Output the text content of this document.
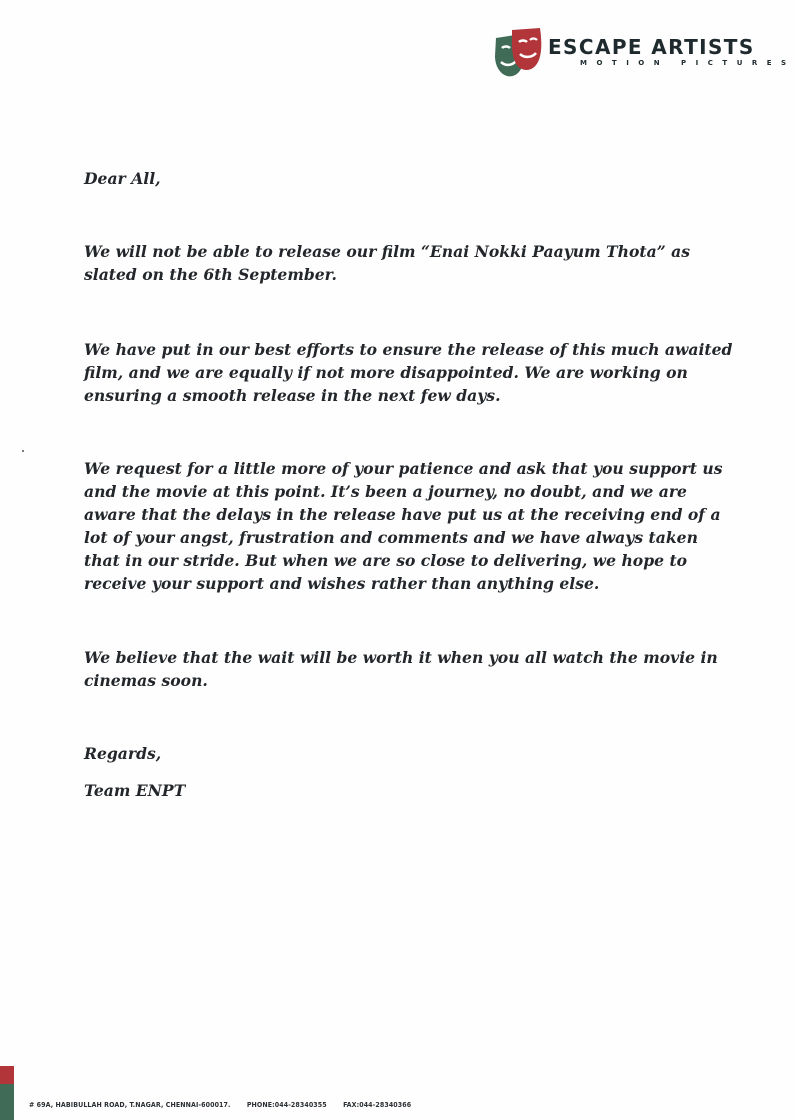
ESCAPE ARTISTS
MOTION PICTURES

Dear All,

We will not be able to release our film “Enai Nokki Paayum Thota” as
slated on the 6th September.

We have put in our best efforts to ensure the release of this much awaited
film, and we are equally if not more disappointed. We are working on
ensuring a smooth release in the next few days.

We request for a little more of your patience and ask that you support us
and the movie at this point. It’s been a journey, no doubt, and we are
aware that the delays in the release have put us at the receiving end of a
lot of your angst, frustration and comments and we have always taken
that in our stride. But when we are so close to delivering, we hope to
receive your support and wishes rather than anything else.

We believe that the wait will be worth it when you all watch the movie in
cinemas soon.

Regards,

Team ENPT

# 69A, HABIBULLAH ROAD, T.NAGAR, CHENNAI-600017. PHONE:044-28340355 FAX:044-28340366
